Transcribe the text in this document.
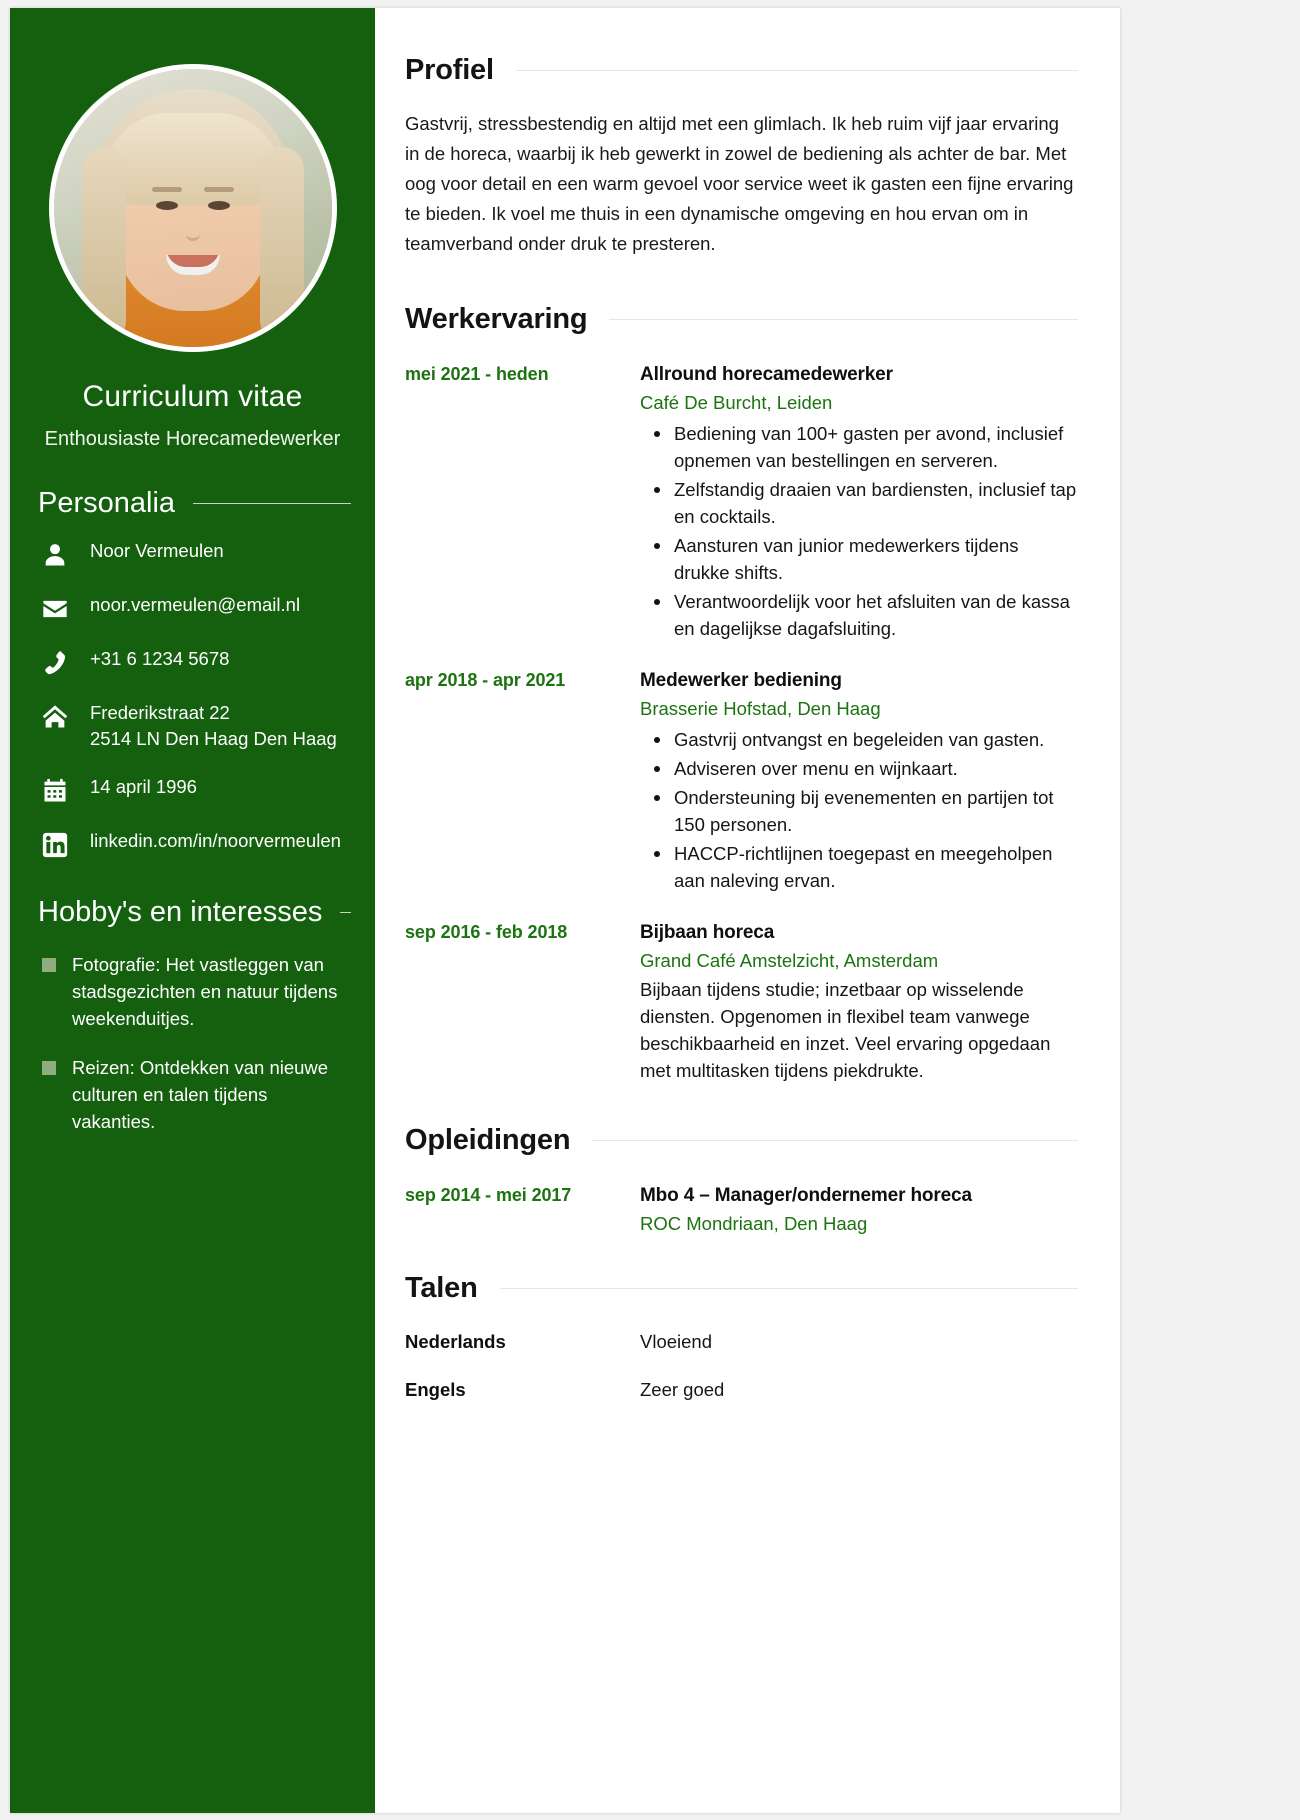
Curriculum vitae
Enthousiaste Horecamedewerker
Personalia
Noor Vermeulen
noor.vermeulen@email.nl
+31 6 1234 5678
Frederikstraat 22
2514 LN Den Haag Den Haag
14 april 1996
linkedin.com/in/noorvermeulen
Hobby's en interesses
Fotografie: Het vastleggen van stadsgezichten en natuur tijdens weekenduitjes.
Reizen: Ontdekken van nieuwe culturen en talen tijdens vakanties.
Profiel

Gastvrij, stressbestendig en altijd met een glimlach. Ik heb ruim vijf jaar ervaring in de horeca, waarbij ik heb gewerkt in zowel de bediening als achter de bar. Met oog voor detail en een warm gevoel voor service weet ik gasten een fijne ervaring te bieden. Ik voel me thuis in een dynamische omgeving en hou ervan om in teamverband onder druk te presteren.

Werkervaring
mei 2021 - heden	Allround horecamedewerker
Café De Burcht, Leiden
Bediening van 100+ gasten per avond, inclusief opnemen van bestellingen en serveren.
Zelfstandig draaien van bardiensten, inclusief tap en cocktails.
Aansturen van junior medewerkers tijdens drukke shifts.
Verantwoordelijk voor het afsluiten van de kassa en dagelijkse dagafsluiting.
apr 2018 - apr 2021	Medewerker bediening
Brasserie Hofstad, Den Haag
Gastvrij ontvangst en begeleiden van gasten.
Adviseren over menu en wijnkaart.
Ondersteuning bij evenementen en partijen tot 150 personen.
HACCP-richtlijnen toegepast en meegeholpen aan naleving ervan.
sep 2016 - feb 2018	Bijbaan horeca
Grand Café Amstelzicht, Amsterdam
Bijbaan tijdens studie; inzetbaar op wisselende diensten. Opgenomen in flexibel team vanwege beschikbaarheid en inzet. Veel ervaring opgedaan met multitasken tijdens piekdrukte.
Opleidingen
sep 2014 - mei 2017	Mbo 4 – Manager/ondernemer horeca
ROC Mondriaan, Den Haag
Talen
Nederlands	Vloeiend
Engels	Zeer goed
